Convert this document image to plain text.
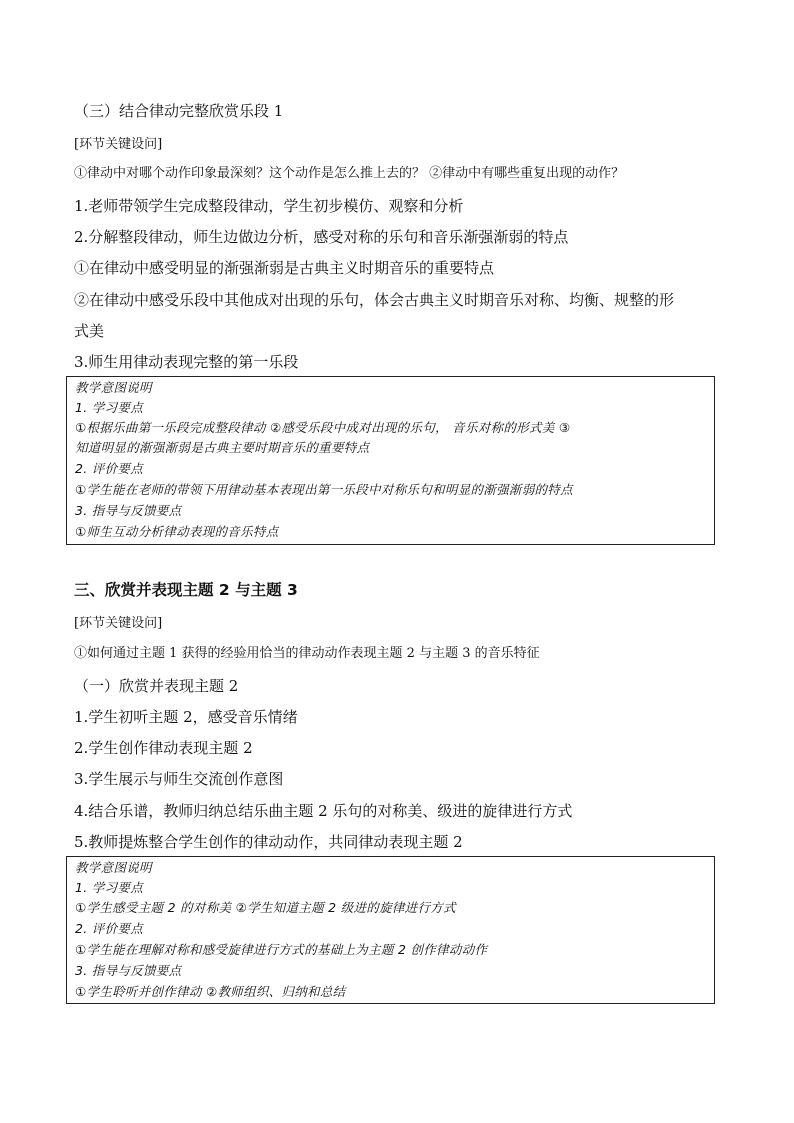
（三）结合律动完整欣赏乐段 1
[环节关键设问]
①律动中对哪个动作印象最深刻？这个动作是怎么推上去的？ ②律动中有哪些重复出现的动作？
1.老师带领学生完成整段律动，学生初步模仿、观察和分析
2.分解整段律动，师生边做边分析，感受对称的乐句和音乐渐强渐弱的特点
①在律动中感受明显的渐强渐弱是古典主义时期音乐的重要特点
②在律动中感受乐段中其他成对出现的乐句，体会古典主义时期音乐对称、均衡、规整的形
式美
3.师生用律动表现完整的第一乐段
教学意图说明
1. 学习要点
①根据乐曲第一乐段完成整段律动 ②感受乐段中成对出现的乐句， 音乐对称的形式美 ③
知道明显的渐强渐弱是古典主要时期音乐的重要特点
2. 评价要点
①学生能在老师的带领下用律动基本表现出第一乐段中对称乐句和明显的渐强渐弱的特点
3. 指导与反馈要点
①师生互动分析律动表现的音乐特点
三、欣赏并表现主题 2 与主题 3
[环节关键设问]
①如何通过主题 1 获得的经验用恰当的律动动作表现主题 2 与主题 3 的音乐特征
（一）欣赏并表现主题 2
1.学生初听主题 2，感受音乐情绪
2.学生创作律动表现主题 2
3.学生展示与师生交流创作意图
4.结合乐谱，教师归纳总结乐曲主题 2 乐句的对称美、级进的旋律进行方式
5.教师提炼整合学生创作的律动动作，共同律动表现主题 2
教学意图说明
1. 学习要点
①学生感受主题 2 的对称美 ②学生知道主题 2 级进的旋律进行方式
2. 评价要点
①学生能在理解对称和感受旋律进行方式的基础上为主题 2 创作律动动作
3. 指导与反馈要点
①学生聆听并创作律动 ②教师组织、归纳和总结
